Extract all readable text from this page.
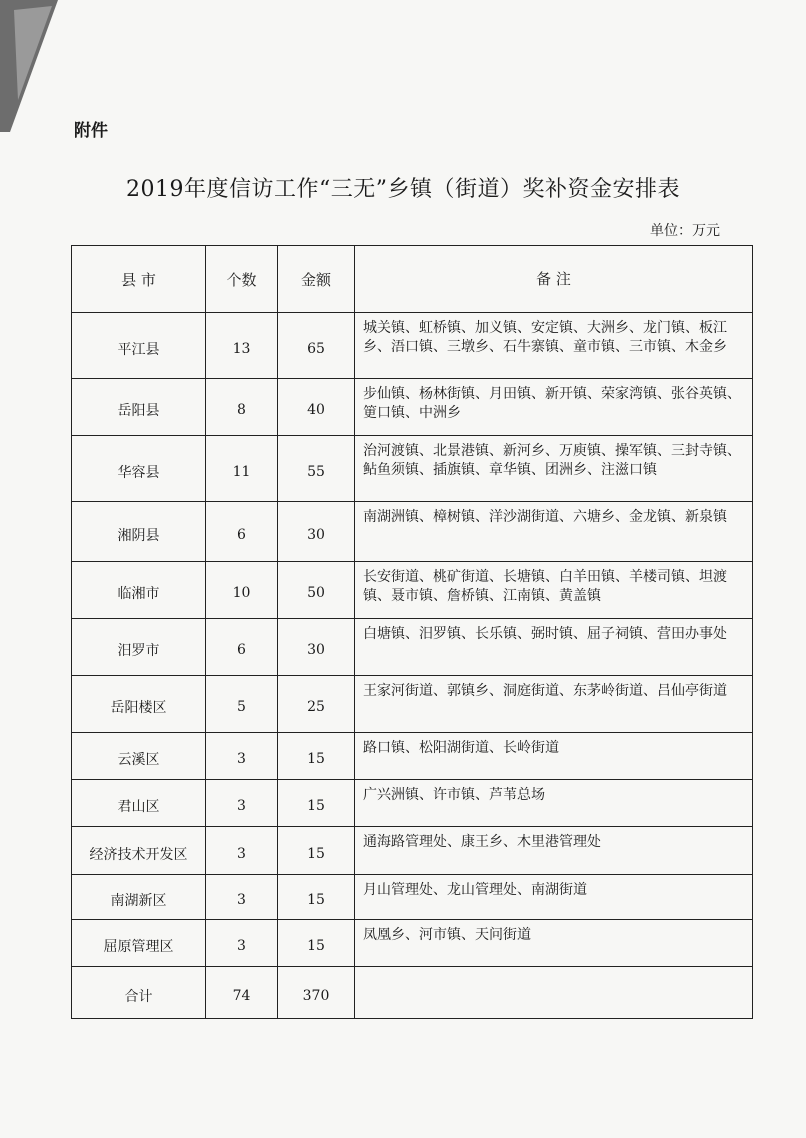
附件
2019年度信访工作“三无”乡镇（街道）奖补资金安排表
单位：万元
县 市	个数	金额	备 注
平江县	13	65	城关镇、虹桥镇、加义镇、安定镇、大洲乡、龙门镇、板江乡、浯口镇、三墩乡、石牛寨镇、童市镇、三市镇、木金乡
岳阳县	8	40	步仙镇、杨林街镇、月田镇、新开镇、荣家湾镇、张谷英镇、筻口镇、中洲乡
华容县	11	55	治河渡镇、北景港镇、新河乡、万庾镇、操军镇、三封寺镇、鲇鱼须镇、插旗镇、章华镇、团洲乡、注滋口镇
湘阴县	6	30	南湖洲镇、樟树镇、洋沙湖街道、六塘乡、金龙镇、新泉镇
临湘市	10	50	长安街道、桃矿街道、长塘镇、白羊田镇、羊楼司镇、坦渡镇、聂市镇、詹桥镇、江南镇、黄盖镇
汨罗市	6	30	白塘镇、汨罗镇、长乐镇、弼时镇、屈子祠镇、营田办事处
岳阳楼区	5	25	王家河街道、郭镇乡、洞庭街道、东茅岭街道、吕仙亭街道
云溪区	3	15	路口镇、松阳湖街道、长岭街道
君山区	3	15	广兴洲镇、许市镇、芦苇总场
经济技术开发区	3	15	通海路管理处、康王乡、木里港管理处
南湖新区	3	15	月山管理处、龙山管理处、南湖街道
屈原管理区	3	15	凤凰乡、河市镇、天问街道
合计	74	370	
